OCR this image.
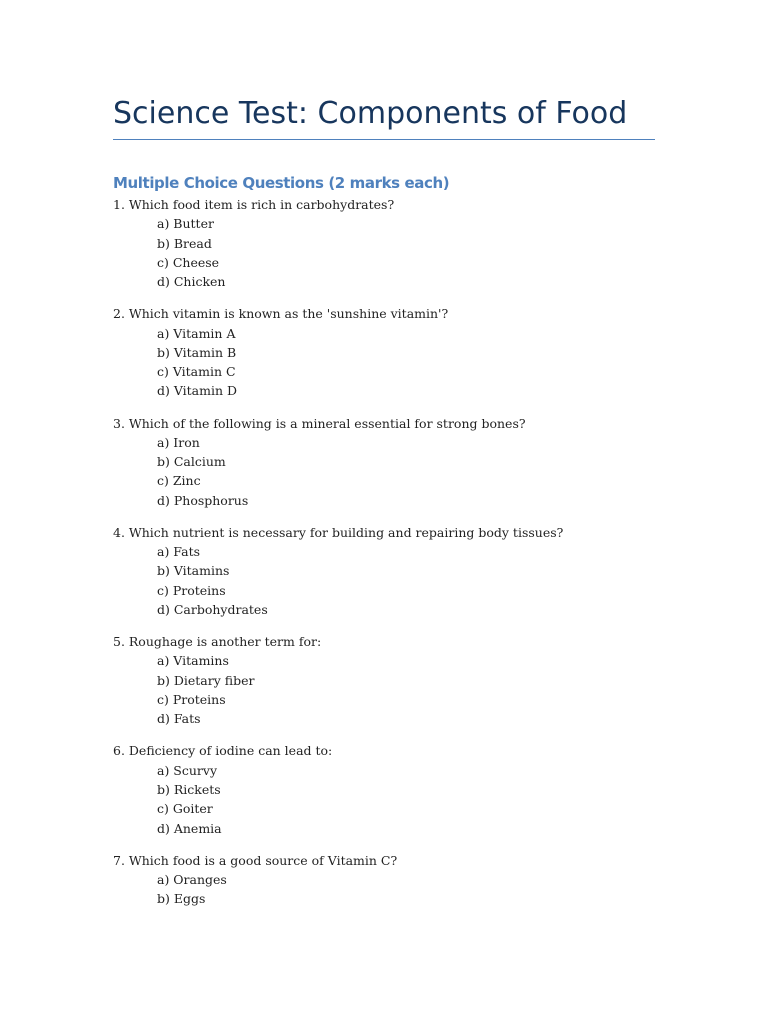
Science Test: Components of Food
Multiple Choice Questions (2 marks each)
1. Which food item is rich in carbohydrates?
a) Butter
b) Bread
c) Cheese
d) Chicken
2. Which vitamin is known as the 'sunshine vitamin'?
a) Vitamin A
b) Vitamin B
c) Vitamin C
d) Vitamin D
3. Which of the following is a mineral essential for strong bones?
a) Iron
b) Calcium
c) Zinc
d) Phosphorus
4. Which nutrient is necessary for building and repairing body tissues?
a) Fats
b) Vitamins
c) Proteins
d) Carbohydrates
5. Roughage is another term for:
a) Vitamins
b) Dietary fiber
c) Proteins
d) Fats
6. Deficiency of iodine can lead to:
a) Scurvy
b) Rickets
c) Goiter
d) Anemia
7. Which food is a good source of Vitamin C?
a) Oranges
b) Eggs
